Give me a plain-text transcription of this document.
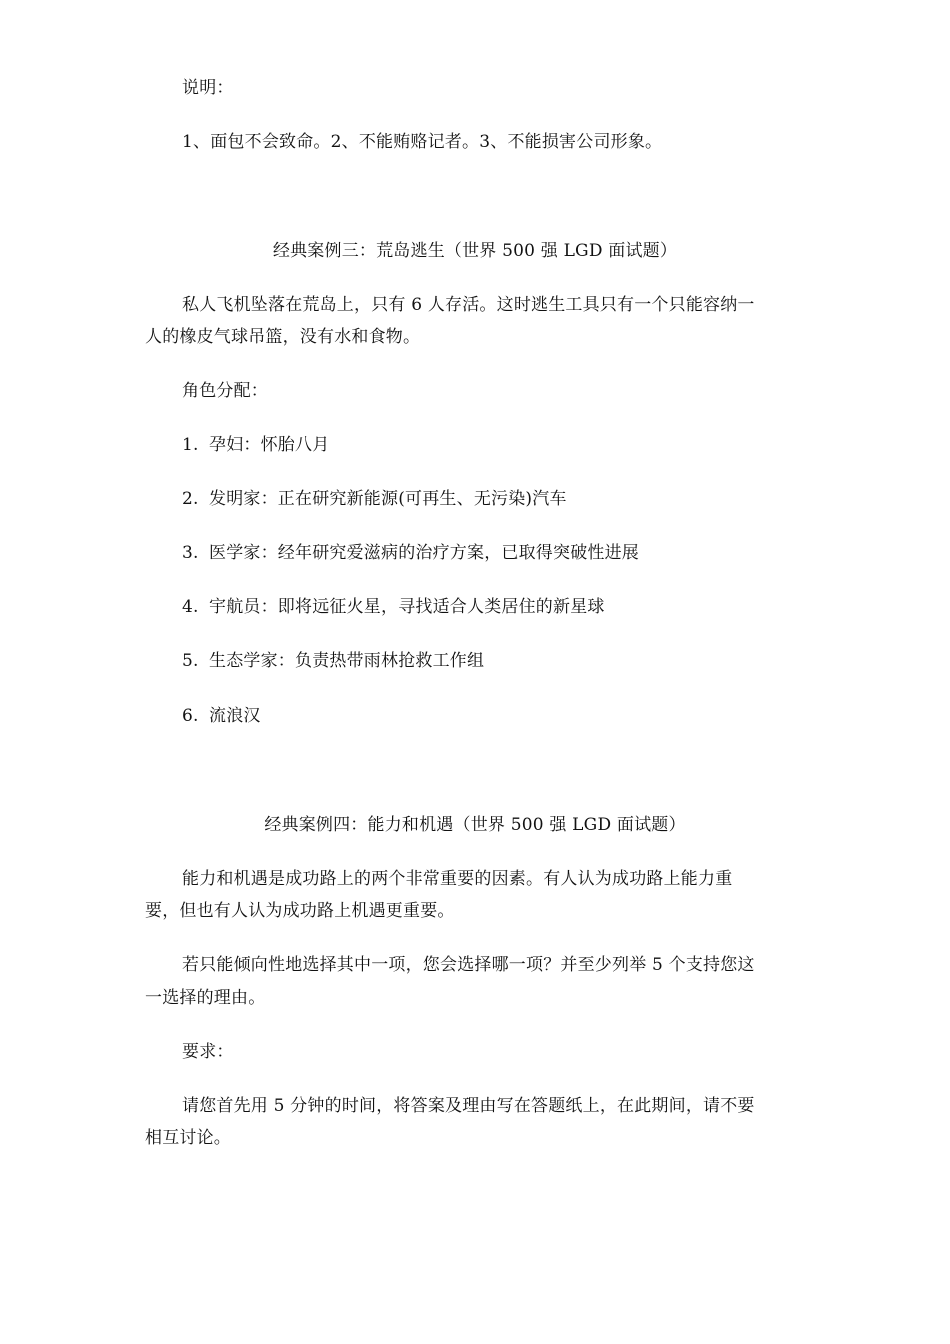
说明：
1、面包不会致命。2、不能贿赂记者。3、不能损害公司形象。
经典案例三：荒岛逃生（世界 500 强 LGD 面试题）
私人飞机坠落在荒岛上，只有 6 人存活。这时逃生工具只有一个只能容纳一
人的橡皮气球吊篮，没有水和食物。
角色分配：
1. 孕妇：怀胎八月
2. 发明家：正在研究新能源(可再生、无污染)汽车
3. 医学家：经年研究爱滋病的治疗方案，已取得突破性进展
4. 宇航员：即将远征火星，寻找适合人类居住的新星球
5. 生态学家：负责热带雨林抢救工作组
6. 流浪汉
经典案例四：能力和机遇（世界 500 强 LGD 面试题）
能力和机遇是成功路上的两个非常重要的因素。有人认为成功路上能力重
要，但也有人认为成功路上机遇更重要。
若只能倾向性地选择其中一项，您会选择哪一项？并至少列举 5 个支持您这
一选择的理由。
要求：
请您首先用 5 分钟的时间，将答案及理由写在答题纸上，在此期间，请不要
相互讨论。
